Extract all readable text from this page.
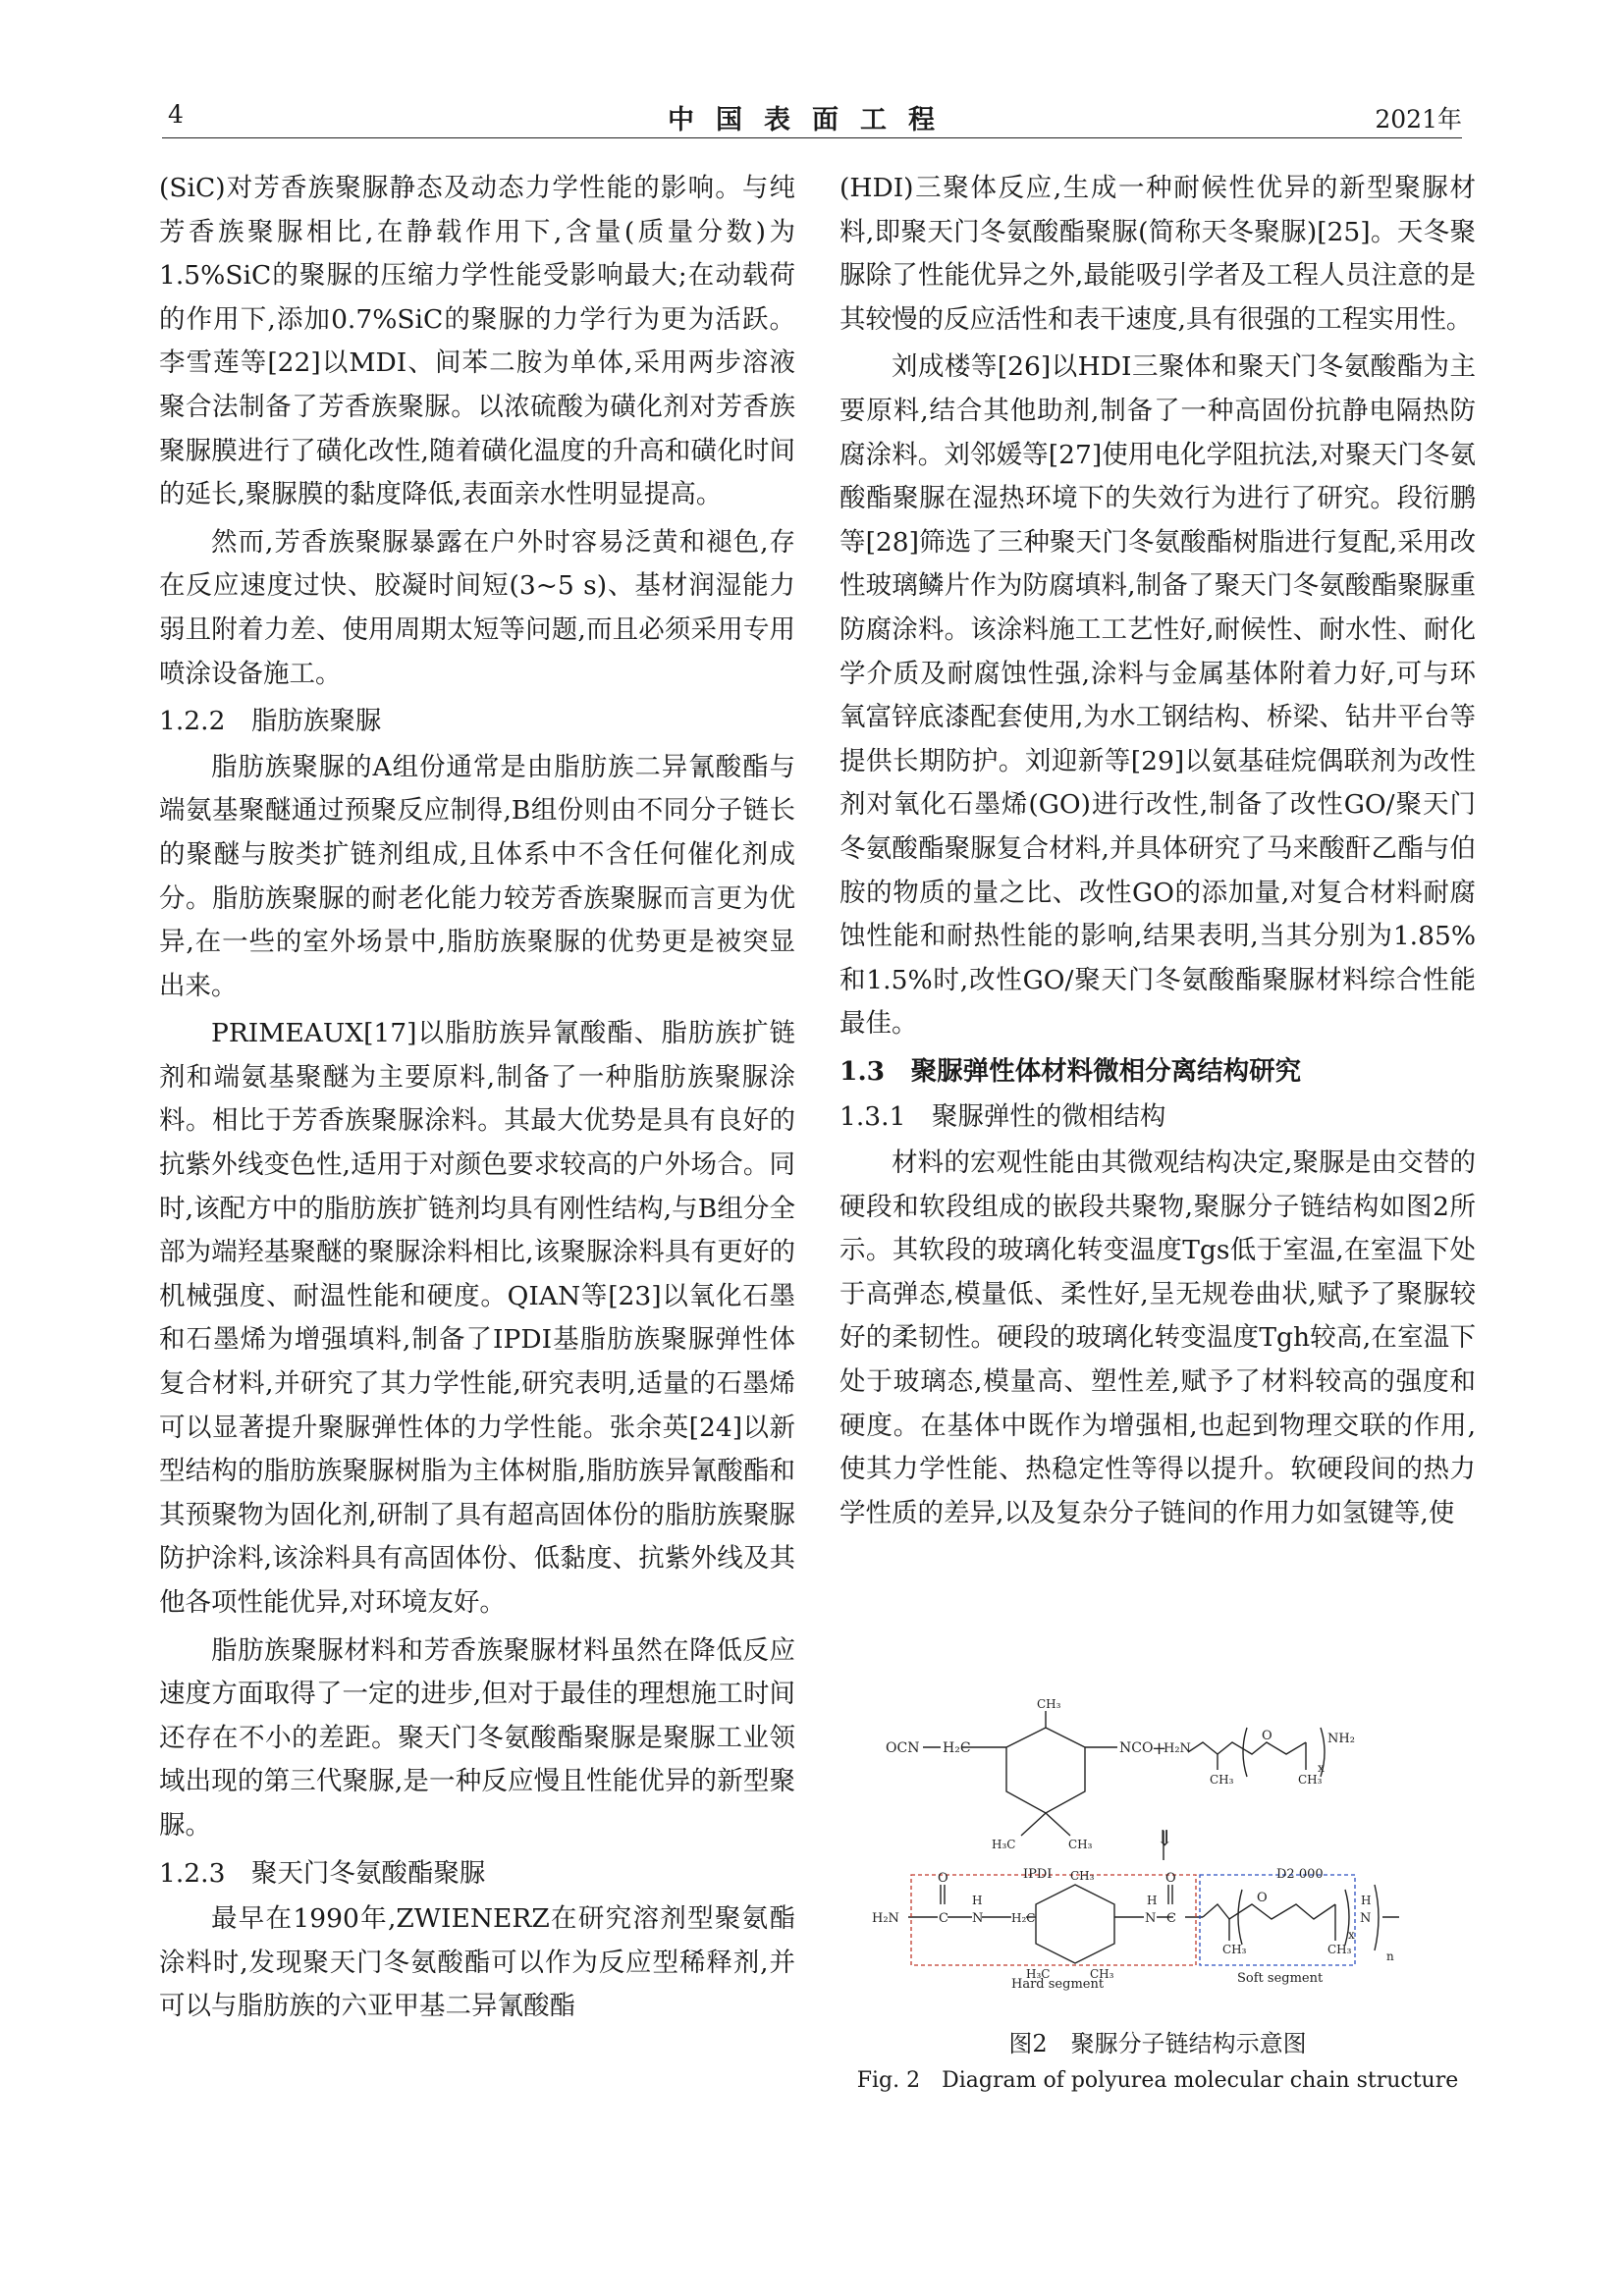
4	中国表面工程	2021年

(SiC)对芳香族聚脲静态及动态力学性能的影响。与纯芳香族聚脲相比,在静载作用下,含量(质量分数)为1.5%SiC的聚脲的压缩力学性能受影响最大;在动载荷的作用下,添加0.7%SiC的聚脲的力学行为更为活跃。李雪莲等[22]以MDI、间苯二胺为单体,采用两步溶液聚合法制备了芳香族聚脲。以浓硫酸为磺化剂对芳香族聚脲膜进行了磺化改性,随着磺化温度的升高和磺化时间的延长,聚脲膜的黏度降低,表面亲水性明显提高。

然而,芳香族聚脲暴露在户外时容易泛黄和褪色,存在反应速度过快、胶凝时间短(3~5 s)、基材润湿能力弱且附着力差、使用周期太短等问题,而且必须采用专用喷涂设备施工。

1.2.2　脂肪族聚脲

脂肪族聚脲的A组份通常是由脂肪族二异氰酸酯与端氨基聚醚通过预聚反应制得,B组份则由不同分子链长的聚醚与胺类扩链剂组成,且体系中不含任何催化剂成分。脂肪族聚脲的耐老化能力较芳香族聚脲而言更为优异,在一些的室外场景中,脂肪族聚脲的优势更是被突显出来。

PRIMEAUX[17]以脂肪族异氰酸酯、脂肪族扩链剂和端氨基聚醚为主要原料,制备了一种脂肪族聚脲涂料。相比于芳香族聚脲涂料。其最大优势是具有良好的抗紫外线变色性,适用于对颜色要求较高的户外场合。同时,该配方中的脂肪族扩链剂均具有刚性结构,与B组分全部为端羟基聚醚的聚脲涂料相比,该聚脲涂料具有更好的机械强度、耐温性能和硬度。QIAN等[23]以氧化石墨和石墨烯为增强填料,制备了IPDI基脂肪族聚脲弹性体复合材料,并研究了其力学性能,研究表明,适量的石墨烯可以显著提升聚脲弹性体的力学性能。张余英[24]以新型结构的脂肪族聚脲树脂为主体树脂,脂肪族异氰酸酯和其预聚物为固化剂,研制了具有超高固体份的脂肪族聚脲防护涂料,该涂料具有高固体份、低黏度、抗紫外线及其他各项性能优异,对环境友好。

脂肪族聚脲材料和芳香族聚脲材料虽然在降低反应速度方面取得了一定的进步,但对于最佳的理想施工时间还存在不小的差距。聚天门冬氨酸酯聚脲是聚脲工业领域出现的第三代聚脲,是一种反应慢且性能优异的新型聚脲。

1.2.3　聚天门冬氨酸酯聚脲

最早在1990年,ZWIENERZ在研究溶剂型聚氨酯涂料时,发现聚天门冬氨酸酯可以作为反应型稀释剂,并可以与脂肪族的六亚甲基二异氰酸酯

(HDI)三聚体反应,生成一种耐候性优异的新型聚脲材料,即聚天门冬氨酸酯聚脲(简称天冬聚脲)[25]。天冬聚脲除了性能优异之外,最能吸引学者及工程人员注意的是其较慢的反应活性和表干速度,具有很强的工程实用性。

刘成楼等[26]以HDI三聚体和聚天门冬氨酸酯为主要原料,结合其他助剂,制备了一种高固份抗静电隔热防腐涂料。刘邻媛等[27]使用电化学阻抗法,对聚天门冬氨酸酯聚脲在湿热环境下的失效行为进行了研究。段衍鹏等[28]筛选了三种聚天门冬氨酸酯树脂进行复配,采用改性玻璃鳞片作为防腐填料,制备了聚天门冬氨酸酯聚脲重防腐涂料。该涂料施工工艺性好,耐候性、耐水性、耐化学介质及耐腐蚀性强,涂料与金属基体附着力好,可与环氧富锌底漆配套使用,为水工钢结构、桥梁、钻井平台等提供长期防护。刘迎新等[29]以氨基硅烷偶联剂为改性剂对氧化石墨烯(GO)进行改性,制备了改性GO/聚天门冬氨酸酯聚脲复合材料,并具体研究了马来酸酐乙酯与伯胺的物质的量之比、改性GO的添加量,对复合材料耐腐蚀性能和耐热性能的影响,结果表明,当其分别为1.85%和1.5%时,改性GO/聚天门冬氨酸酯聚脲材料综合性能最佳。

1.3　聚脲弹性体材料微相分离结构研究
1.3.1　聚脲弹性的微相结构

材料的宏观性能由其微观结构决定,聚脲是由交替的硬段和软段组成的嵌段共聚物,聚脲分子链结构如图2所示。其软段的玻璃化转变温度Tgs低于室温,在室温下处于高弹态,模量低、柔性好,呈无规卷曲状,赋予了聚脲较好的柔韧性。硬段的玻璃化转变温度Tgh较高,在室温下处于玻璃态,模量高、塑性差,赋予了材料较高的强度和硬度。在基体中既作为增强相,也起到物理交联的作用,使其力学性能、热稳定性等得以提升。软硬段间的热力学性质的差异,以及复杂分子链间的作用力如氢键等,使

OCN H₂C	NCO
+
CH₃
H₃C	CH₃
IPDI
H₂N
O	NH₂
CH₃	CH₃
x
D2 000
⇓
H₂N
O
C N
H
H₂C
CH₃
H₃C	CH₃
N
H
O
C
O
CH₃	CH₃
N
H
x
Hard segment	Soft segment
n
图2　聚脲分子链结构示意图
Fig. 2　Diagram of polyurea molecular chain structure
